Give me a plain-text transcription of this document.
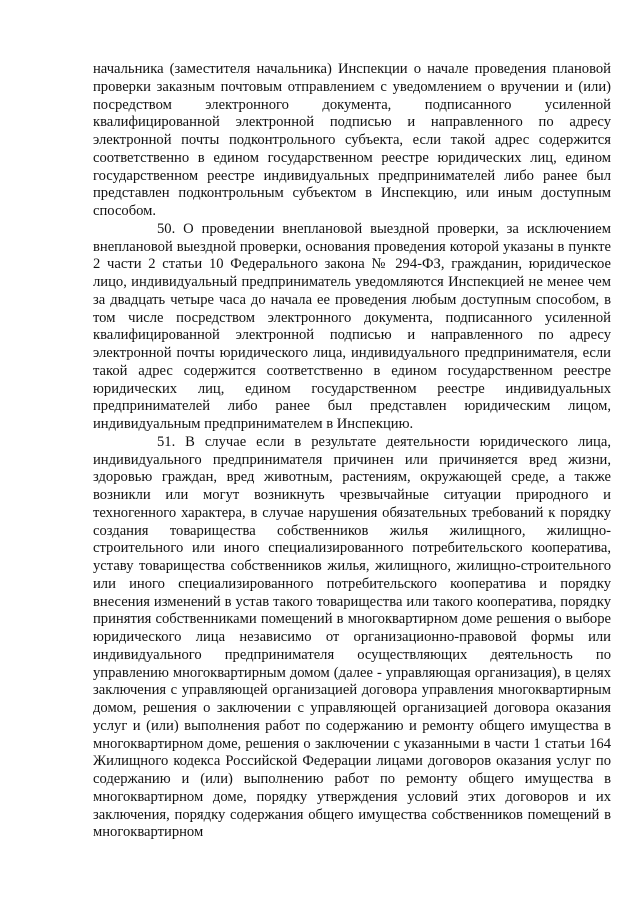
начальника (заместителя начальника) Инспекции о начале проведения плановой проверки заказным почтовым отправлением с уведомлением о вручении и (или) посредством электронного документа, подписанного усиленной квалифицированной электронной подписью и направленного по адресу электронной почты подконтрольного субъекта, если такой адрес содержится соответственно в едином государственном реестре юридических лиц, едином государственном реестре индивидуальных предпринимателей либо ранее был представлен подконтрольным субъектом в Инспекцию, или иным доступным способом.

50. О проведении внеплановой выездной проверки, за исключением внеплановой выездной проверки, основания проведения которой указаны в пункте 2 части 2 статьи 10 Федерального закона № 294-ФЗ, гражданин, юридическое лицо, индивидуальный предприниматель уведомляются Инспекцией не менее чем за двадцать четыре часа до начала ее проведения любым доступным способом, в том числе посредством электронного документа, подписанного усиленной квалифицированной электронной подписью и направленного по адресу электронной почты юридического лица, индивидуального предпринимателя, если такой адрес содержится соответственно в едином государственном реестре юридических лиц, едином государственном реестре индивидуальных предпринимателей либо ранее был представлен юридическим лицом, индивидуальным предпринимателем в Инспекцию.

51. В случае если в результате деятельности юридического лица, индивидуального предпринимателя причинен или причиняется вред жизни, здоровью граждан, вред животным, растениям, окружающей среде, а также возникли или могут возникнуть чрезвычайные ситуации природного и техногенного характера, в случае нарушения обязательных требований к порядку создания товарищества собственников жилья жилищного, жилищно-строительного или иного специализированного потребительского кооператива, уставу товарищества собственников жилья, жилищного, жилищно-строительного или иного специализированного потребительского кооператива и порядку внесения изменений в устав такого товарищества или такого кооператива, порядку принятия собственниками помещений в многоквартирном доме решения о выборе юридического лица независимо от организационно-правовой формы или индивидуального предпринимателя осуществляющих деятельность по управлению многоквартирным домом (далее - управляющая организация), в целях заключения с управляющей организацией договора управления многоквартирным домом, решения о заключении с управляющей организацией договора оказания услуг и (или) выполнения работ по содержанию и ремонту общего имущества в многоквартирном доме, решения о заключении с указанными в части 1 статьи 164 Жилищного кодекса Российской Федерации лицами договоров оказания услуг по содержанию и (или) выполнению работ по ремонту общего имущества в многоквартирном доме, порядку утверждения условий этих договоров и их заключения, порядку содержания общего имущества собственников помещений в многоквартирном
